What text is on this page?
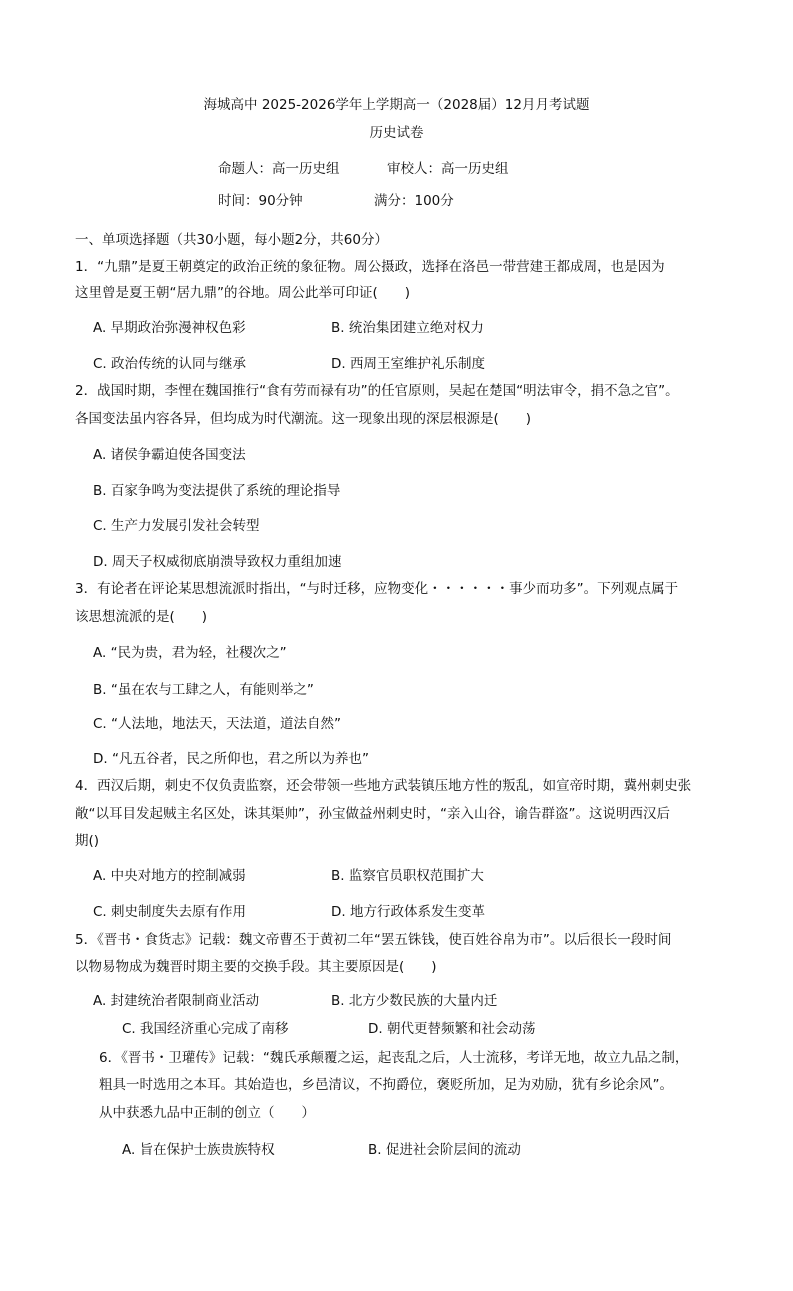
海城高中 2025-2026学年上学期高一（2028届）12月月考试题
历史试卷
命题人：高一历史组	审校人：高一历史组
时间：90分钟	满分：100分
一、单项选择题（共30小题，每小题2分，共60分）
1．“九鼎”是夏王朝奠定的政治正统的象征物。周公摄政，选择在洛邑一带营建王都成周，也是因为
这里曾是夏王朝“居九鼎”的谷地。周公此举可印证(　　)
A. 早期政治弥漫神权色彩	B. 统治集团建立绝对权力
C. 政治传统的认同与继承	D. 西周王室维护礼乐制度
2．战国时期，李悝在魏国推行“食有劳而禄有功”的任官原则，吴起在楚国“明法审令，捐不急之官”。
各国变法虽内容各异，但均成为时代潮流。这一现象出现的深层根源是(　　)
A. 诸侯争霸迫使各国变法
B. 百家争鸣为变法提供了系统的理论指导
C. 生产力发展引发社会转型
D. 周天子权威彻底崩溃导致权力重组加速
3．有论者在评论某思想流派时指出，“与时迁移，应物变化・・・・・・事少而功多”。下列观点属于
该思想流派的是(　　)
A. “民为贵，君为轻，社稷次之”
B. “虽在农与工肆之人，有能则举之”
C. “人法地，地法天，天法道，道法自然”
D. “凡五谷者，民之所仰也，君之所以为养也”
4．西汉后期，刺史不仅负责监察，还会带领一些地方武装镇压地方性的叛乱，如宣帝时期，冀州刺史张
敞“以耳目发起贼主名区处，诛其渠帅”，孙宝做益州刺史时，“亲入山谷，谕告群盗”。这说明西汉后
期()
A. 中央对地方的控制减弱	B. 监察官员职权范围扩大
C. 刺史制度失去原有作用	D. 地方行政体系发生变革
5．《晋书・食货志》记载：魏文帝曹丕于黄初二年“罢五铢钱，使百姓谷帛为市”。以后很长一段时间
以物易物成为魏晋时期主要的交换手段。其主要原因是(　　)
A. 封建统治者限制商业活动	B. 北方少数民族的大量内迁
C. 我国经济重心完成了南移	D. 朝代更替频繁和社会动荡
6．《晋书・卫瓘传》记载：“魏氏承颠覆之运，起丧乱之后，人士流移，考详无地，故立九品之制，
粗具一时选用之本耳。其始造也，乡邑清议，不拘爵位，褒贬所加，足为劝励，犹有乡论余风”。
从中获悉九品中正制的创立（　　）
A. 旨在保护士族贵族特权	B. 促进社会阶层间的流动
